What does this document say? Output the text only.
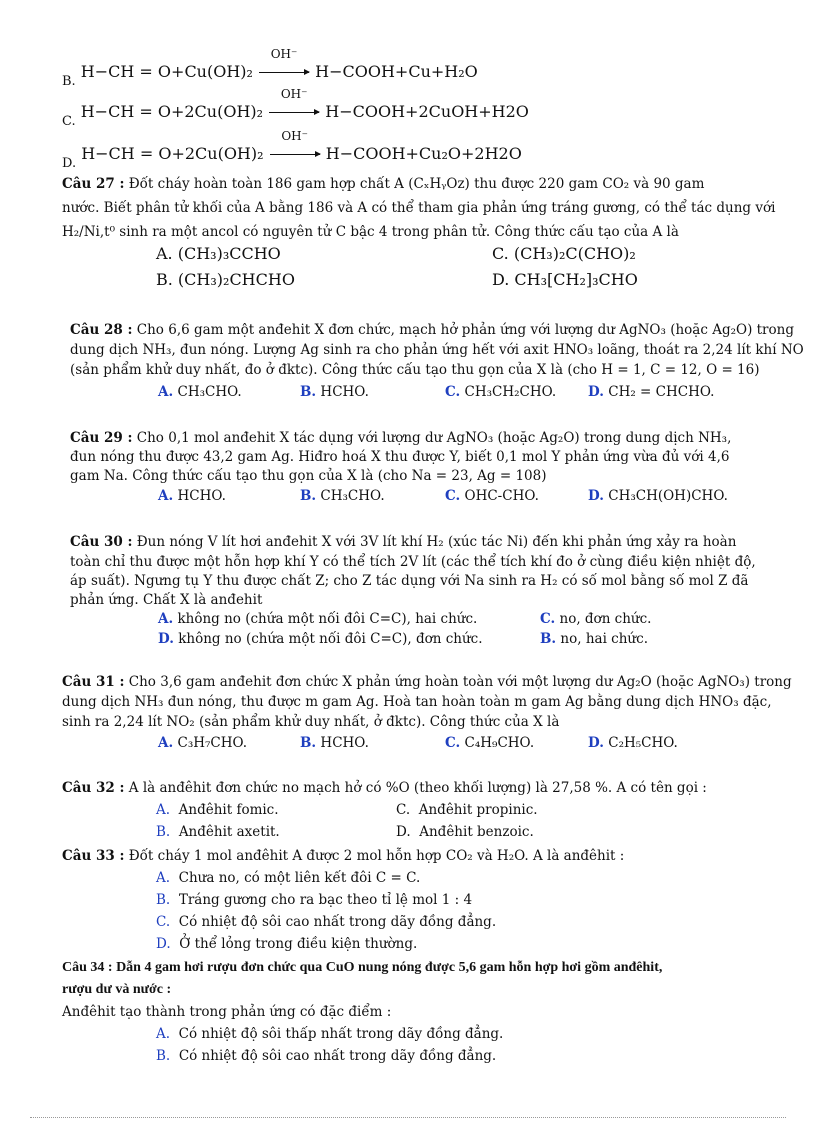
$_{B.}$ H−CH = O+Cu(OH)₂
OH⁻
H−COOH+Cu+H₂O
$_{C.}$ H−CH = O+2Cu(OH)₂
OH⁻
H−COOH+2CuOH+H2O
$_{D.}$ H−CH = O+2Cu(OH)₂
OH⁻
H−COOH+Cu₂O+2H2O
Câu 27 : Đốt cháy hoàn toàn 186 gam hợp chất A (CₓHᵧOz) thu được 220 gam CO₂ và 90 gam
nước. Biết phân tử khối của A bằng 186 và A có thể tham gia phản ứng tráng gương, có thể tác dụng với
H₂/Ni,t⁰ sinh ra một ancol có nguyên tử C bậc 4 trong phân tử. Công thức cấu tạo của A là
A. (CH₃)₃CCHO	C. (CH₃)₂C(CHO)₂
B. (CH₃)₂CHCHO	D. CH₃[CH₂]₃CHO
Câu 28 : Cho 6,6 gam một anđehit X đơn chức, mạch hở phản ứng với lượng dư AgNO₃ (hoặc Ag₂O) trong
dung dịch NH₃, đun nóng. Lượng Ag sinh ra cho phản ứng hết với axit HNO₃ loãng, thoát ra 2,24 lít khí NO
(sản phẩm khử duy nhất, đo ở đktc). Công thức cấu tạo thu gọn của X là (cho H = 1, C = 12, O = 16)
A. CH₃CHO.	B. HCHO.	C. CH₃CH₂CHO. D. CH₂ = CHCHO.
Câu 29 : Cho 0,1 mol anđehit X tác dụng với lượng dư AgNO₃ (hoặc Ag₂O) trong dung dịch NH₃,
đun nóng thu được 43,2 gam Ag. Hiđro hoá X thu được Y, biết 0,1 mol Y phản ứng vừa đủ với 4,6
gam Na. Công thức cấu tạo thu gọn của X là (cho Na = 23, Ag = 108)
A. HCHO.	B. CH₃CHO.	C. OHC-CHO.	D. CH₃CH(OH)CHO.
Câu 30 : Đun nóng V lít hơi anđehit X với 3V lít khí H₂ (xúc tác Ni) đến khi phản ứng xảy ra hoàn
toàn chỉ thu được một hỗn hợp khí Y có thể tích 2V lít (các thể tích khí đo ở cùng điều kiện nhiệt độ,
áp suất). Ngưng tụ Y thu được chất Z; cho Z tác dụng với Na sinh ra H₂ có số mol bằng số mol Z đã
phản ứng. Chất X là anđehit
A. không no (chứa một nối đôi C=C), hai chức.	C. no, đơn chức.
D. không no (chứa một nối đôi C=C), đơn chức.	B. no, hai chức.
Câu 31 : Cho 3,6 gam anđehit đơn chức X phản ứng hoàn toàn với một lượng dư Ag₂O (hoặc AgNO₃) trong
dung dịch NH₃ đun nóng, thu được m gam Ag. Hoà tan hoàn toàn m gam Ag bằng dung dịch HNO₃ đặc,
sinh ra 2,24 lít NO₂ (sản phẩm khử duy nhất, ở đktc). Công thức của X là
A. C₃H₇CHO.	B. HCHO.	C. C₄H₉CHO.	D. C₂H₅CHO.
Câu 32 : A là anđêhit đơn chức no mạch hở có %O (theo khối lượng) là 27,58 %. A có tên gọi :
A. Anđêhit fomic.	C. Anđêhit propinic.
B. Anđêhit axetit.	D. Anđêhit benzoic.
Câu 33 : Đốt cháy 1 mol anđêhit A được 2 mol hỗn hợp CO₂ và H₂O. A là anđêhit :
A. Chưa no, có một liên kết đôi C = C.
B. Tráng gương cho ra bạc theo tỉ lệ mol 1 : 4
C. Có nhiệt độ sôi cao nhất trong dãy đồng đẳng.
D. Ở thể lỏng trong điều kiện thường.
Câu 34 : Dẫn 4 gam hơi rượu đơn chức qua CuO nung nóng được 5,6 gam hỗn hợp hơi gồm anđêhit,
rượu dư và nước :
Anđêhit tạo thành trong phản ứng có đặc điểm :
A. Có nhiệt độ sôi thấp nhất trong dãy đồng đẳng.
B. Có nhiệt độ sôi cao nhất trong dãy đồng đẳng.
